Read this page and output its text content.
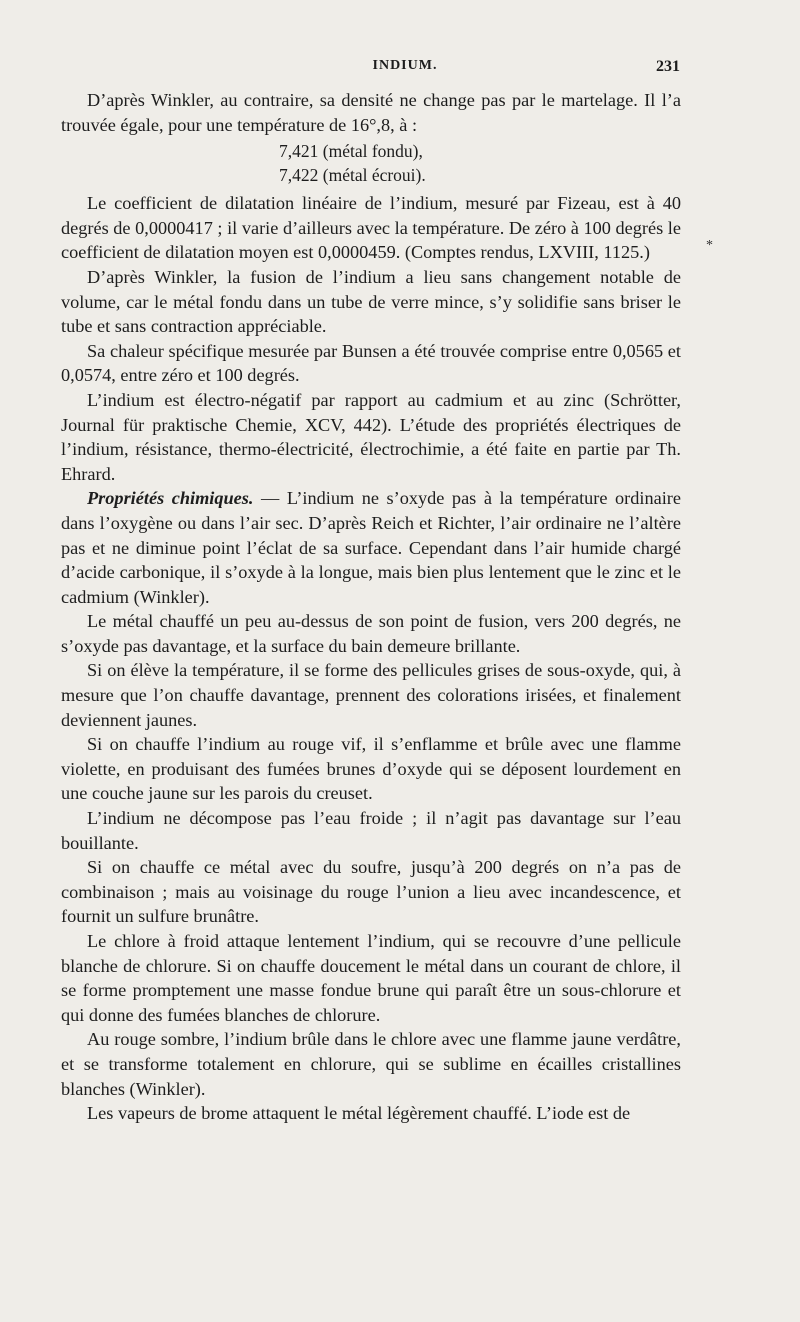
INDIUM.	231
*

D’après Winkler, au contraire, sa densité ne change pas par le martelage. Il l’a trouvée égale, pour une température de 16°,8, à :

7,421 (métal fondu),
7,422 (métal écroui).

Le coefficient de dilatation linéaire de l’indium, mesuré par Fizeau, est à 40 degrés de 0,0000417 ; il varie d’ailleurs avec la température. De zéro à 100 degrés le coefficient de dilatation moyen est 0,0000459. (Comptes rendus, LXVIII, 1125.)

D’après Winkler, la fusion de l’indium a lieu sans changement notable de volume, car le métal fondu dans un tube de verre mince, s’y solidifie sans briser le tube et sans contraction appréciable.

Sa chaleur spécifique mesurée par Bunsen a été trouvée comprise entre 0,0565 et 0,0574, entre zéro et 100 degrés.

L’indium est électro-négatif par rapport au cadmium et au zinc (Schrötter, Journal für praktische Chemie, XCV, 442). L’étude des propriétés électriques de l’indium, résistance, thermo-électricité, électrochimie, a été faite en partie par Th. Ehrard.

Propriétés chimiques. — L’indium ne s’oxyde pas à la température ordinaire dans l’oxygène ou dans l’air sec. D’après Reich et Richter, l’air ordinaire ne l’altère pas et ne diminue point l’éclat de sa surface. Cependant dans l’air humide chargé d’acide carbonique, il s’oxyde à la longue, mais bien plus lentement que le zinc et le cadmium (Winkler).

Le métal chauffé un peu au-dessus de son point de fusion, vers 200 degrés, ne s’oxyde pas davantage, et la surface du bain demeure brillante.

Si on élève la température, il se forme des pellicules grises de sous-oxyde, qui, à mesure que l’on chauffe davantage, prennent des colorations irisées, et finalement deviennent jaunes.

Si on chauffe l’indium au rouge vif, il s’enflamme et brûle avec une flamme violette, en produisant des fumées brunes d’oxyde qui se déposent lourdement en une couche jaune sur les parois du creuset.

L’indium ne décompose pas l’eau froide ; il n’agit pas davantage sur l’eau bouillante.

Si on chauffe ce métal avec du soufre, jusqu’à 200 degrés on n’a pas de combinaison ; mais au voisinage du rouge l’union a lieu avec incandescence, et fournit un sulfure brunâtre.

Le chlore à froid attaque lentement l’indium, qui se recouvre d’une pellicule blanche de chlorure. Si on chauffe doucement le métal dans un courant de chlore, il se forme promptement une masse fondue brune qui paraît être un sous-chlorure et qui donne des fumées blanches de chlorure.

Au rouge sombre, l’indium brûle dans le chlore avec une flamme jaune verdâtre, et se transforme totalement en chlorure, qui se sublime en écailles cristallines blanches (Winkler).

Les vapeurs de brome attaquent le métal légèrement chauffé. L’iode est de
